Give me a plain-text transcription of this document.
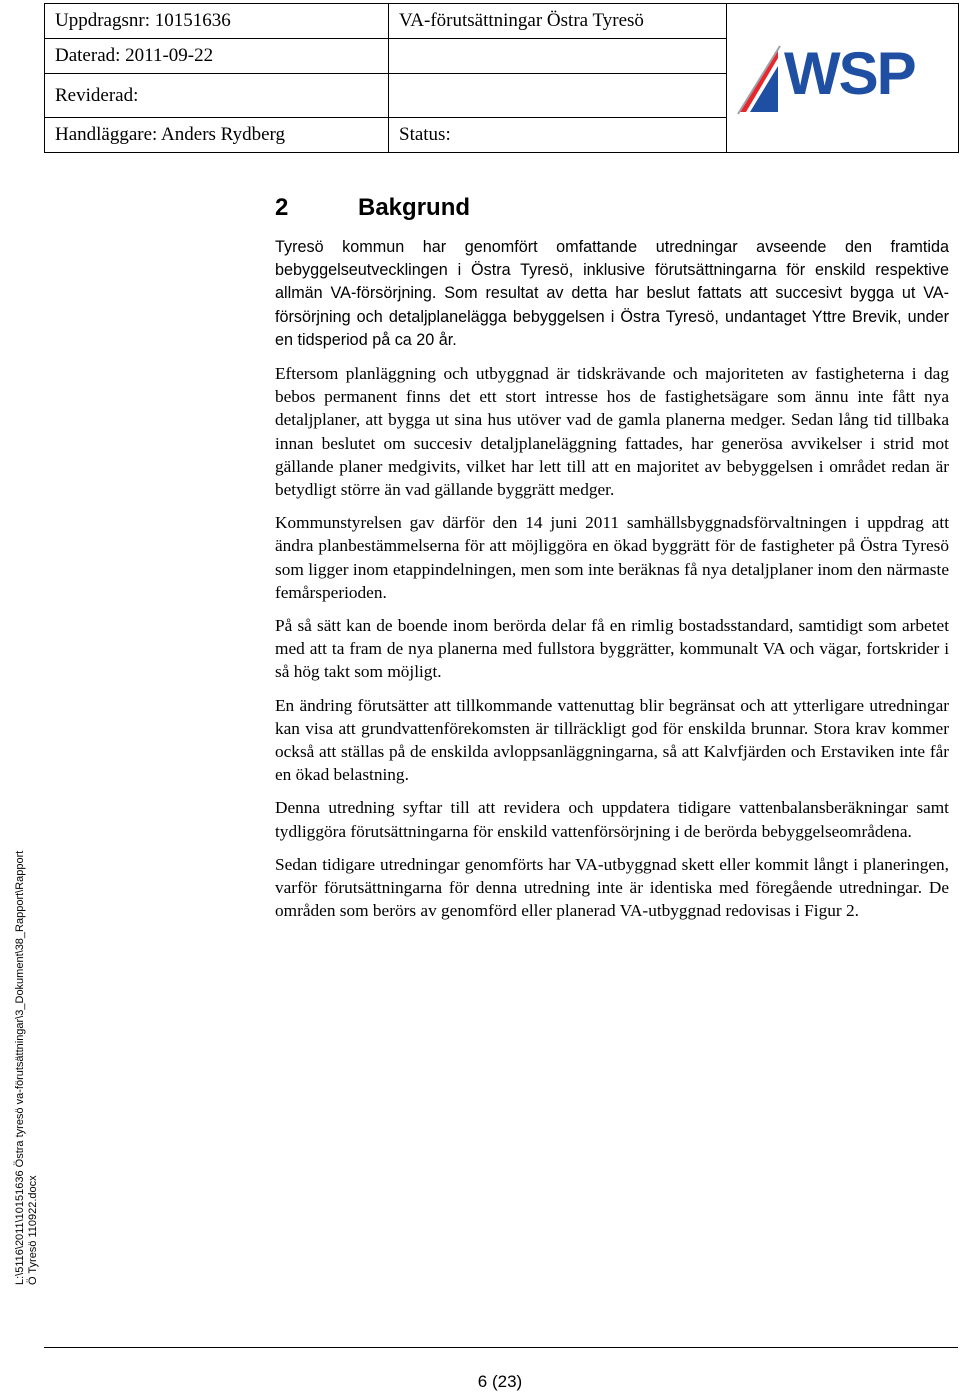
Uppdragsnr: 10151636	VA-förutsättningar Östra Tyresö	WSP

Daterad: 2011-09-22		
Reviderad:		
Handläggare: Anders Rydberg	Status:	
2	Bakgrund

Tyresö kommun har genomfört omfattande utredningar avseende den framtida bebyggelseutvecklingen i Östra Tyresö, inklusive förutsättningarna för enskild respektive allmän VA-försörjning. Som resultat av detta har beslut fattats att succesivt bygga ut VA-försörjning och detaljplanelägga bebyggelsen i Östra Tyresö, undantaget Yttre Brevik, under en tidsperiod på ca 20 år.

Eftersom planläggning och utbyggnad är tidskrävande och majoriteten av fastigheterna i dag bebos permanent finns det ett stort intresse hos de fastighetsägare som ännu inte fått nya detaljplaner, att bygga ut sina hus utöver vad de gamla planerna medger. Sedan lång tid tillbaka innan beslutet om succesiv detaljplaneläggning fattades, har generösa avvikelser i strid mot gällande planer medgivits, vilket har lett till att en majoritet av bebyggelsen i området redan är betydligt större än vad gällande byggrätt medger.

Kommunstyrelsen gav därför den 14 juni 2011 samhällsbyggnadsförvaltningen i uppdrag att ändra planbestämmelserna för att möjliggöra en ökad byggrätt för de fastigheter på Östra Tyresö som ligger inom etappindelningen, men som inte beräknas få nya detaljplaner inom den närmaste femårsperioden.

På så sätt kan de boende inom berörda delar få en rimlig bostadsstandard, samtidigt som arbetet med att ta fram de nya planerna med fullstora byggrätter, kommunalt VA och vägar, fortskrider i så hög takt som möjligt.

En ändring förutsätter att tillkommande vattenuttag blir begränsat och att ytterligare utredningar kan visa att grundvattenförekomsten är tillräckligt god för enskilda brunnar. Stora krav kommer också att ställas på de enskilda avloppsanläggningarna, så att Kalvfjärden och Erstaviken inte får en ökad belastning.

Denna utredning syftar till att revidera och uppdatera tidigare vattenbalansberäkningar samt tydliggöra förutsättningarna för enskild vattenförsörjning i de berörda bebyggelseområdena.

Sedan tidigare utredningar genomförts har VA-utbyggnad skett eller kommit långt i planeringen, varför förutsättningarna för denna utredning inte är identiska med föregående utredningar. De områden som berörs av genomförd eller planerad VA-utbyggnad redovisas i Figur 2.

L:\5116\2011\10151636 Östra tyresö va-förutsättningar\3_Dokument\38_Rapport\Rapport Ö Tyresö 110922.docx
6 (23)
